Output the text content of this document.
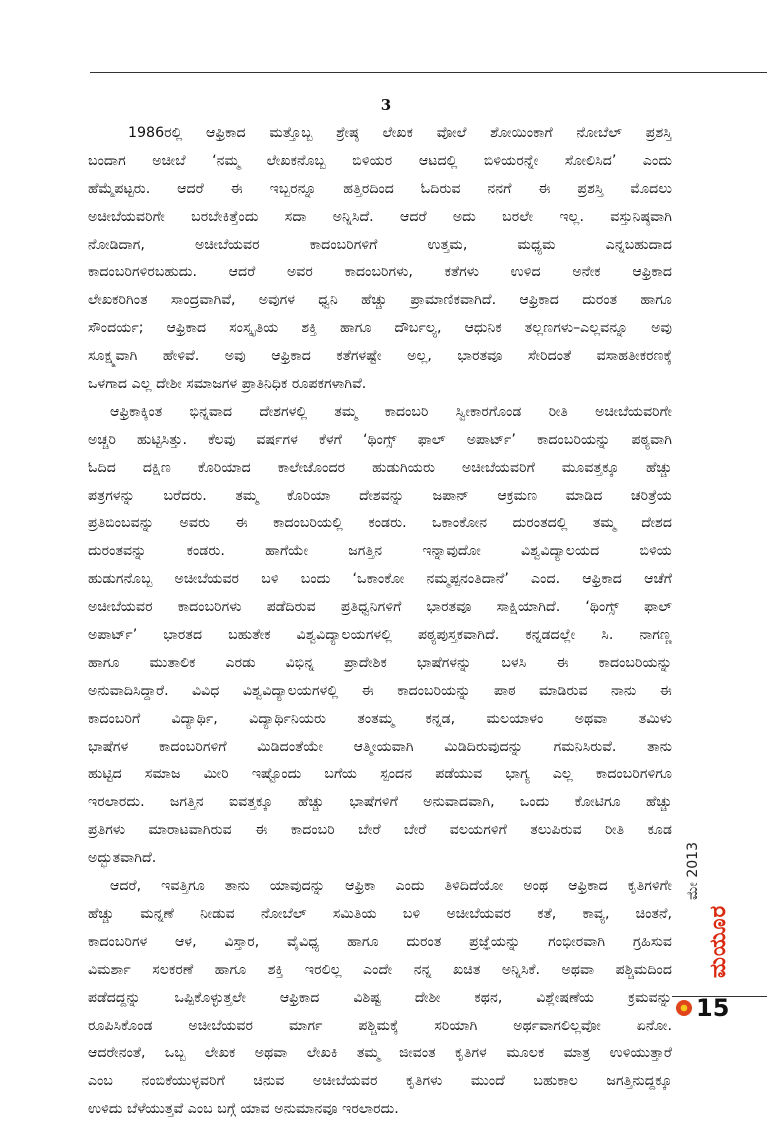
3
1986ರಲ್ಲಿ ಆಫ್ರಿಕಾದ ಮತ್ತೊಬ್ಬ ಶ್ರೇಷ್ಠ ಲೇಖಕ ವೋಲೆ ಶೋಯಿಂಕಾಗೆ ನೋಬೆಲ್ ಪ್ರಶಸ್ತಿ
ಬಂದಾಗ ಅಚೀಬೆ ‘ನಮ್ಮ ಲೇಖಕನೊಬ್ಬ ಬಿಳಿಯರ ಆಟದಲ್ಲಿ ಬಿಳಿಯರನ್ನೇ ಸೋಲಿಸಿದ’ ಎಂದು
ಹೆಮ್ಮೆಪಟ್ಟರು. ಆದರೆ ಈ ಇಬ್ಬರನ್ನೂ ಹತ್ತಿರದಿಂದ ಓದಿರುವ ನನಗೆ ಈ ಪ್ರಶಸ್ತಿ ಮೊದಲು
ಅಚೀಬೆಯವರಿಗೇ ಬರಬೇಕಿತ್ತೆಂದು ಸದಾ ಅನ್ನಿಸಿದೆ. ಆದರೆ ಅದು ಬರಲೇ ಇಲ್ಲ. ವಸ್ತುನಿಷ್ಠವಾಗಿ
ನೋಡಿದಾಗ, ಅಚೀಬೆಯವರ ಕಾದಂಬರಿಗಳಿಗೆ ಉತ್ತಮ, ಮಧ್ಯಮ ಎನ್ನಬಹುದಾದ
ಕಾದಂಬರಿಗಳಿರಬಹುದು. ಆದರೆ ಅವರ ಕಾದಂಬರಿಗಳು, ಕತೆಗಳು ಉಳಿದ ಅನೇಕ ಆಫ್ರಿಕಾದ
ಲೇಖಕರಿಗಿಂತ ಸಾಂದ್ರವಾಗಿವೆ, ಅವುಗಳ ಧ್ವನಿ ಹೆಚ್ಚು ಪ್ರಾಮಾಣಿಕವಾಗಿದೆ. ಆಫ್ರಿಕಾದ ದುರಂತ ಹಾಗೂ
ಸೌಂದರ್ಯ; ಆಫ್ರಿಕಾದ ಸಂಸ್ಕೃತಿಯ ಶಕ್ತಿ ಹಾಗೂ ದೌರ್ಬಲ್ಯ, ಆಧುನಿಕ ತಲ್ಲಣಗಳು–ಎಲ್ಲವನ್ನೂ ಅವು
ಸೂಕ್ಷ್ಮವಾಗಿ ಹೇಳಿವೆ. ಅವು ಆಫ್ರಿಕಾದ ಕತೆಗಳಷ್ಟೇ ಅಲ್ಲ, ಭಾರತವೂ ಸೇರಿದಂತೆ ವಸಾಹತೀಕರಣಕ್ಕೆ
ಒಳಗಾದ ಎಲ್ಲ ದೇಶೀ ಸಮಾಜಗಳ ಪ್ರಾತಿನಿಧಿಕ ರೂಪಕಗಳಾಗಿವೆ.
ಆಫ್ರಿಕಾಕ್ಕಿಂತ ಭಿನ್ನವಾದ ದೇಶಗಳಲ್ಲಿ ತಮ್ಮ ಕಾದಂಬರಿ ಸ್ವೀಕಾರಗೊಂಡ ರೀತಿ ಅಚೀಬೆಯವರಿಗೇ
ಅಚ್ಚರಿ ಹುಟ್ಟಿಸಿತ್ತು. ಕೆಲವು ವರ್ಷಗಳ ಕೆಳಗೆ ‘ಥಿಂಗ್ಸ್ ಫಾಲ್ ಅಪಾರ್ಟ್’ ಕಾದಂಬರಿಯನ್ನು ಪಠ್ಯವಾಗಿ
ಓದಿದ ದಕ್ಷಿಣ ಕೊರಿಯಾದ ಕಾಲೇಜೊಂದರ ಹುಡುಗಿಯರು ಅಚೀಬೆಯವರಿಗೆ ಮೂವತ್ತಕ್ಕೂ ಹೆಚ್ಚು
ಪತ್ರಗಳನ್ನು ಬರೆದರು. ತಮ್ಮ ಕೊರಿಯಾ ದೇಶವನ್ನು ಜಪಾನ್ ಆಕ್ರಮಣ ಮಾಡಿದ ಚರಿತ್ರೆಯ
ಪ್ರತಿಬಿಂಬವನ್ನು ಅವರು ಈ ಕಾದಂಬರಿಯಲ್ಲಿ ಕಂಡರು. ಒಕಾಂಕೋನ ದುರಂತದಲ್ಲಿ ತಮ್ಮ ದೇಶದ
ದುರಂತವನ್ನು ಕಂಡರು. ಹಾಗೆಯೇ ಜಗತ್ತಿನ ಇನ್ನಾವುದೋ ವಿಶ್ವವಿದ್ಯಾಲಯದ ಬಿಳಿಯ
ಹುಡುಗನೊಬ್ಬ ಅಚೀಬೆಯವರ ಬಳಿ ಬಂದು ‘ಒಕಾಂಕೋ ನಮ್ಮಪ್ಪನಂತಿದಾನೆ’ ಎಂದ. ಆಫ್ರಿಕಾದ ಆಚೆಗೆ
ಅಚೀಬೆಯವರ ಕಾದಂಬರಿಗಳು ಪಡೆದಿರುವ ಪ್ರತಿಧ್ವನಿಗಳಿಗೆ ಭಾರತವೂ ಸಾಕ್ಷಿಯಾಗಿದೆ. ‘ಥಿಂಗ್ಸ್ ಫಾಲ್
ಅಪಾರ್ಟ್’ ಭಾರತದ ಬಹುತೇಕ ವಿಶ್ವವಿದ್ಯಾಲಯಗಳಲ್ಲಿ ಪಠ್ಯಪುಸ್ತಕವಾಗಿದೆ. ಕನ್ನಡದಲ್ಲೇ ಸಿ. ನಾಗಣ್ಣ
ಹಾಗೂ ಮುತಾಲಿಕ ಎರಡು ವಿಭಿನ್ನ ಪ್ರಾದೇಶಿಕ ಭಾಷೆಗಳನ್ನು ಬಳಸಿ ಈ ಕಾದಂಬರಿಯನ್ನು
ಅನುವಾದಿಸಿದ್ದಾರೆ. ವಿವಿಧ ವಿಶ್ವವಿದ್ಯಾಲಯಗಳಲ್ಲಿ ಈ ಕಾದಂಬರಿಯನ್ನು ಪಾಠ ಮಾಡಿರುವ ನಾನು ಈ
ಕಾದಂಬರಿಗೆ ವಿದ್ಯಾರ್ಥಿ, ವಿದ್ಯಾರ್ಥಿನಿಯರು ತಂತಮ್ಮ ಕನ್ನಡ, ಮಲಯಾಳಂ ಅಥವಾ ತಮಿಳು
ಭಾಷೆಗಳ ಕಾದಂಬರಿಗಳಿಗೆ ಮಿಡಿದಂತೆಯೇ ಆತ್ಮೀಯವಾಗಿ ಮಿಡಿದಿರುವುದನ್ನು ಗಮನಿಸಿರುವೆ. ತಾನು
ಹುಟ್ಟಿದ ಸಮಾಜ ಮೀರಿ ಇಷ್ಟೊಂದು ಬಗೆಯ ಸ್ಪಂದನ ಪಡೆಯುವ ಭಾಗ್ಯ ಎಲ್ಲ ಕಾದಂಬರಿಗಳಿಗೂ
ಇರಲಾರದು. ಜಗತ್ತಿನ ಐವತ್ತಕ್ಕೂ ಹೆಚ್ಚು ಭಾಷೆಗಳಿಗೆ ಅನುವಾದವಾಗಿ, ಒಂದು ಕೋಟಿಗೂ ಹೆಚ್ಚು
ಪ್ರತಿಗಳು ಮಾರಾಟವಾಗಿರುವ ಈ ಕಾದಂಬರಿ ಬೇರೆ ಬೇರೆ ವಲಯಗಳಿಗೆ ತಲುಪಿರುವ ರೀತಿ ಕೂಡ
ಅದ್ಭುತವಾಗಿದೆ.
ಆದರೆ, ಇವತ್ತಿಗೂ ತಾನು ಯಾವುದನ್ನು ಆಫ್ರಿಕಾ ಎಂದು ತಿಳಿದಿದೆಯೋ ಅಂಥ ಆಫ್ರಿಕಾದ ಕೃತಿಗಳಿಗೇ
ಹೆಚ್ಚು ಮನ್ನಣೆ ನೀಡುವ ನೋಬೆಲ್ ಸಮಿತಿಯ ಬಳಿ ಅಚೀಬೆಯವರ ಕತೆ, ಕಾವ್ಯ, ಚಿಂತನೆ,
ಕಾದಂಬರಿಗಳ ಆಳ, ವಿಸ್ತಾರ, ವೈವಿಧ್ಯ ಹಾಗೂ ದುರಂತ ಪ್ರಜ್ಞೆಯನ್ನು ಗಂಭೀರವಾಗಿ ಗ್ರಹಿಸುವ
ವಿಮರ್ಶಾ ಸಲಕರಣೆ ಹಾಗೂ ಶಕ್ತಿ ಇರಲಿಲ್ಲ ಎಂದೇ ನನ್ನ ಖಚಿತ ಅನ್ನಿಸಿಕೆ. ಅಥವಾ ಪಶ್ಚಿಮದಿಂದ
ಪಡೆದದ್ದನ್ನು ಒಪ್ಪಿಕೊಳ್ಳುತ್ತಲೇ ಆಫ್ರಿಕಾದ ವಿಶಿಷ್ಟ ದೇಶೀ ಕಥನ, ವಿಶ್ಲೇಷಣೆಯ ಕ್ರಮವನ್ನು
ರೂಪಿಸಿಕೊಂಡ ಅಚೀಬೆಯವರ ಮಾರ್ಗ ಪಶ್ಚಿಮಕ್ಕೆ ಸರಿಯಾಗಿ ಅರ್ಥವಾಗಲಿಲ್ಲವೋ ಏನೋ.
ಆದರೇನಂತೆ, ಒಬ್ಬ ಲೇಖಕ ಅಥವಾ ಲೇಖಕಿ ತಮ್ಮ ಜೀವಂತ ಕೃತಿಗಳ ಮೂಲಕ ಮಾತ್ರ ಉಳಿಯುತ್ತಾರೆ
ಎಂಬ ನಂಬಿಕೆಯುಳ್ಳವರಿಗೆ ಚಿನುವ ಅಚೀಬೆಯವರ ಕೃತಿಗಳು ಮುಂದೆ ಬಹುಕಾಲ ಜಗತ್ತಿನುದ್ದಕ್ಕೂ
ಉಳಿದು ಬೆಳೆಯುತ್ತವೆ ಎಂಬ ಬಗ್ಗೆ ಯಾವ ಅನುಮಾನವೂ ಇರಲಾರದು.
ಮಯೂರ
ಮೇ 2013
15
